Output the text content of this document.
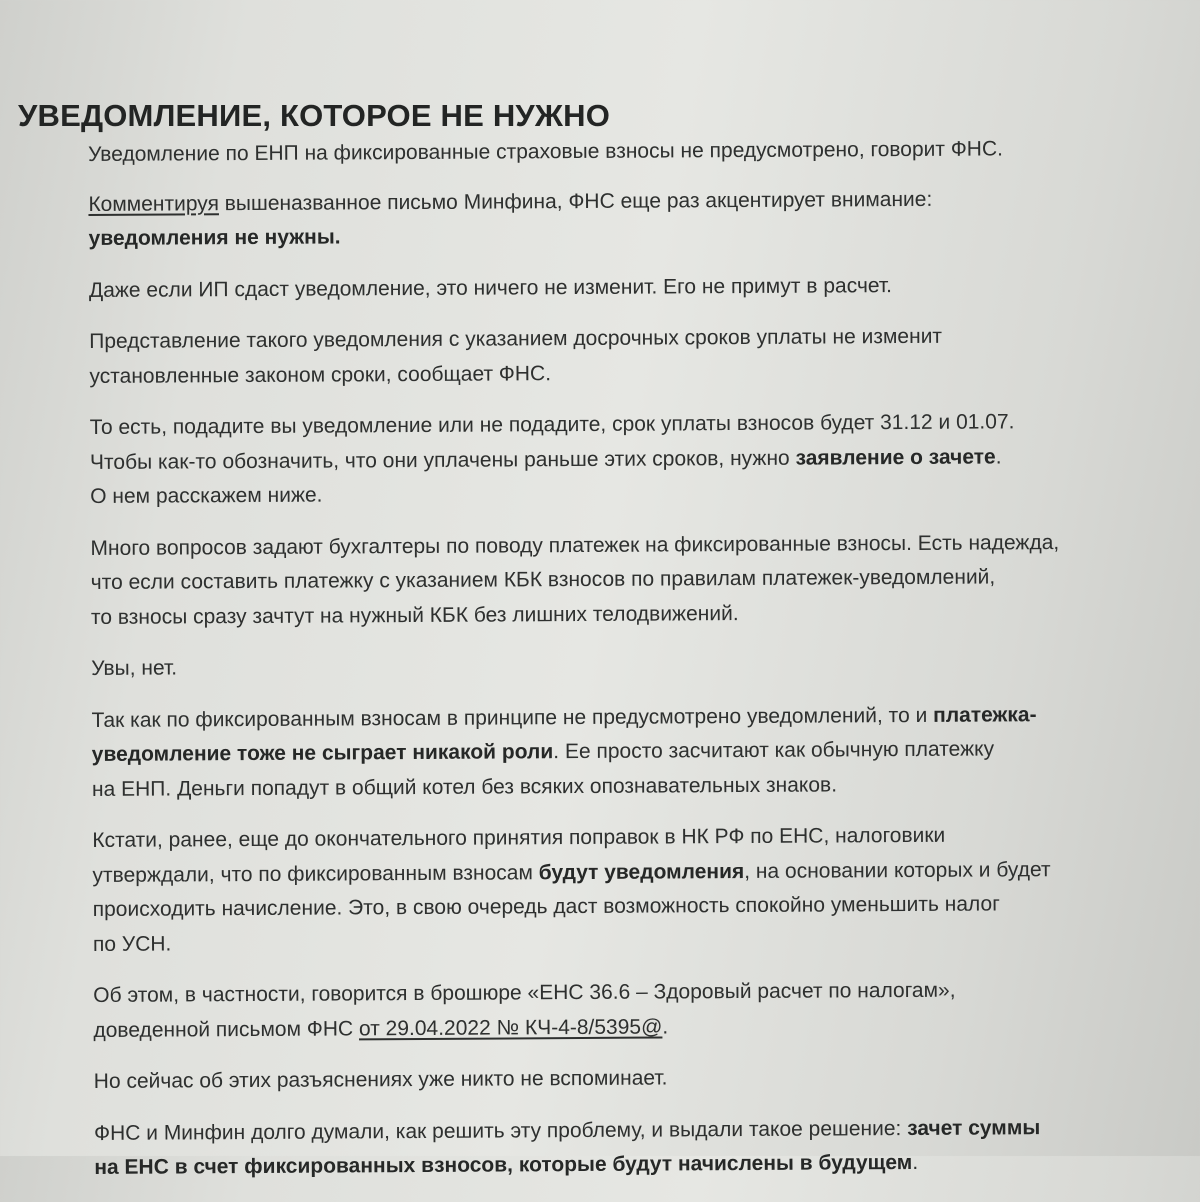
УВЕДОМЛЕНИЕ, КОТОРОЕ НЕ НУЖНО

Уведомление по ЕНП на фиксированные страховые взносы не предусмотрено, говорит ФНС.

Комментируя вышеназванное письмо Минфина, ФНС еще раз акцентирует внимание:
уведомления не нужны.

Даже если ИП сдаст уведомление, это ничего не изменит. Его не примут в расчет.

Представление такого уведомления с указанием досрочных сроков уплаты не изменит
установленные законом сроки, сообщает ФНС.

То есть, подадите вы уведомление или не подадите, срок уплаты взносов будет 31.12 и 01.07.
Чтобы как-то обозначить, что они уплачены раньше этих сроков, нужно заявление о зачете.
О нем расскажем ниже.

Много вопросов задают бухгалтеры по поводу платежек на фиксированные взносы. Есть надежда,
что если составить платежку с указанием КБК взносов по правилам платежек-уведомлений,
то взносы сразу зачтут на нужный КБК без лишних телодвижений.

Увы, нет.

Так как по фиксированным взносам в принципе не предусмотрено уведомлений, то и платежка-
уведомление тоже не сыграет никакой роли. Ее просто засчитают как обычную платежку
на ЕНП. Деньги попадут в общий котел без всяких опознавательных знаков.

Кстати, ранее, еще до окончательного принятия поправок в НК РФ по ЕНС, налоговики
утверждали, что по фиксированным взносам будут уведомления, на основании которых и будет
происходить начисление. Это, в свою очередь даст возможность спокойно уменьшить налог
по УСН.

Об этом, в частности, говорится в брошюре «ЕНС 36.6 – Здоровый расчет по налогам»,
доведенной письмом ФНС от 29.04.2022 № КЧ-4-8/5395@.

Но сейчас об этих разъяснениях уже никто не вспоминает.

ФНС и Минфин долго думали, как решить эту проблему, и выдали такое решение: зачет суммы
на ЕНС в счет фиксированных взносов, которые будут начислены в будущем.
